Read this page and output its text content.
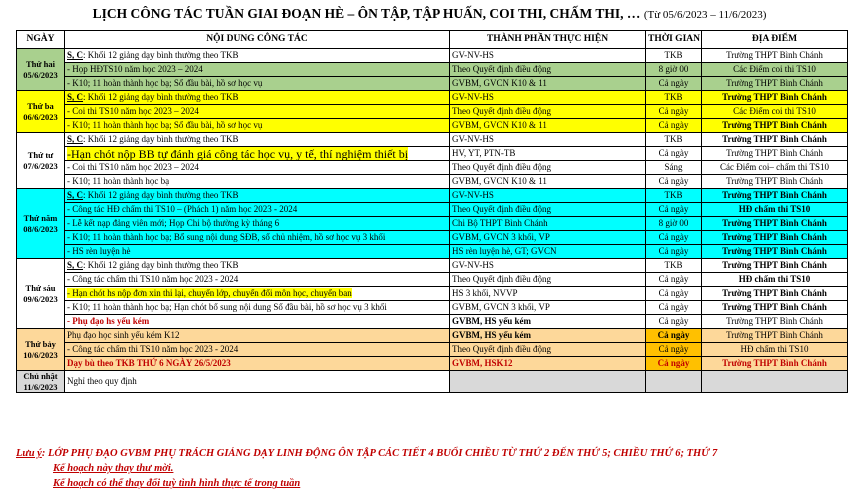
LỊCH CÔNG TÁC TUẦN GIAI ĐOẠN HÈ – ÔN TẬP, TẬP HUẤN, COI THI, CHẤM THI, … (Từ 05/6/2023 – 11/6/2023)
NGÀY	NỘI DUNG CÔNG TÁC	THÀNH PHẦN THỰC HIỆN	THỜI GIAN	ĐỊA ĐIỂM

Thứ hai
05/6/2023	S, C: Khối 12 giảng dạy bình thường theo TKB	GV-NV-HS	TKB	Trường THPT Bình Chánh
	- Họp HĐTS10 năm học 2023 – 2024	Theo Quyết định điều động	8 giờ 00	Các Điểm coi thi TS10
	- K10; 11 hoàn thành học bạ; Sổ đầu bài, hồ sơ học vụ	GVBM, GVCN K10 & 11	Cả ngày	Trường THPT Bình Chánh

Thứ ba
06/6/2023	S, C: Khối 12 giảng dạy bình thường theo TKB	GV-NV-HS	TKB	Trường THPT Bình Chánh
	- Coi thi TS10 năm học 2023 – 2024	Theo Quyết định điều động	Cả ngày	Các Điểm coi thi TS10
	- K10; 11 hoàn thành học bạ; Sổ đầu bài, hồ sơ học vụ	GVBM, GVCN K10 & 11	Cả ngày	Trường THPT Bình Chánh

Thứ tư
07/6/2023	S, C: Khối 12 giảng dạy bình thường theo TKB	GV-NV-HS	TKB	Trường THPT Bình Chánh
	-Hạn chót nộp BB tự đánh giá công tác học vụ, y tế, thí nghiệm thiết bị	HV, YT, PTN-TB	Cả ngày	Trường THPT Bình Chánh
	- Coi thi TS10 năm học 2023 – 2024	Theo Quyết định điều động	Sáng	Các Điểm coi– chấm thi TS10
	- K10; 11 hoàn thành học bạ	GVBM, GVCN K10 & 11	Cả ngày	Trường THPT Bình Chánh

Thứ năm
08/6/2023	S, C: Khối 12 giảng dạy bình thường theo TKB	GV-NV-HS	TKB	Trường THPT Bình Chánh
	- Công tác HĐ chấm thi TS10 – (Phách 1) năm học 2023 - 2024	Theo Quyết định điều động	Cả ngày	HĐ chấm thi TS10
	- Lễ kết nạp đảng viên mới; Họp Chi bộ thường kỳ tháng 6	Chi Bộ THPT Bình Chánh	8 giờ 00	Trường THPT Bình Chánh
	- K10; 11 hoàn thành học bạ; Bổ sung nội dung SĐB, sổ chủ nhiệm, hồ sơ học vụ 3 khối	GVBM, GVCN 3 khối, VP	Cả ngày	Trường THPT Bình Chánh
	- HS rèn luyện hè	HS rèn luyện hè, GT; GVCN	Cả ngày	Trường THPT Bình Chánh

Thứ sáu
09/6/2023	S, C: Khối 12 giảng dạy bình thường theo TKB	GV-NV-HS	TKB	Trường THPT Bình Chánh
	- Công tác chấm thi TS10 năm học 2023 - 2024	Theo Quyết định điều động	Cả ngày	HĐ chấm thi TS10
	- Hạn chót hs nộp đơn xin thi lại, chuyển lớp, chuyển đổi môn học, chuyển ban	HS 3 khối, NVVP	Cả ngày	Trường THPT Bình Chánh
	- K10; 11 hoàn thành học bạ; Hạn chót bổ sung nội dung Sổ đầu bài, hồ sơ học vụ 3 khối	GVBM, GVCN 3 khối, VP	Cả ngày	Trường THPT Bình Chánh
	- Phụ đạo hs yếu kém	GVBM, HS yếu kém	Cả ngày	Trường THPT Bình Chánh

Thứ bảy
10/6/2023	Phụ đạo học sinh yếu kém K12	GVBM, HS yếu kém	Cả ngày	Trường THPT Bình Chánh
	- Công tác chấm thi TS10 năm học 2023 - 2024	Theo Quyết định điều động	Cả ngày	HĐ chấm thi TS10
	Dạy bù theo TKB THỨ 6 NGÀY 26/5/2023	GVBM, HSK12	Cả ngày	Trường THPT Bình Chánh

Chủ nhật
11/6/2023	Nghỉ theo quy định			
Lưu ý: LỚP PHỤ ĐẠO GVBM PHỤ TRÁCH GIẢNG DẠY LINH ĐỘNG ÔN TẬP CÁC TIẾT 4 BUỔI CHIỀU TỪ THỨ 2 ĐẾN THỨ 5; CHIỀU THỨ 6; THỨ 7
Kế hoạch này thay thư mời.
Kế hoạch có thể thay đổi tuỳ tình hình thực tế trong tuần
